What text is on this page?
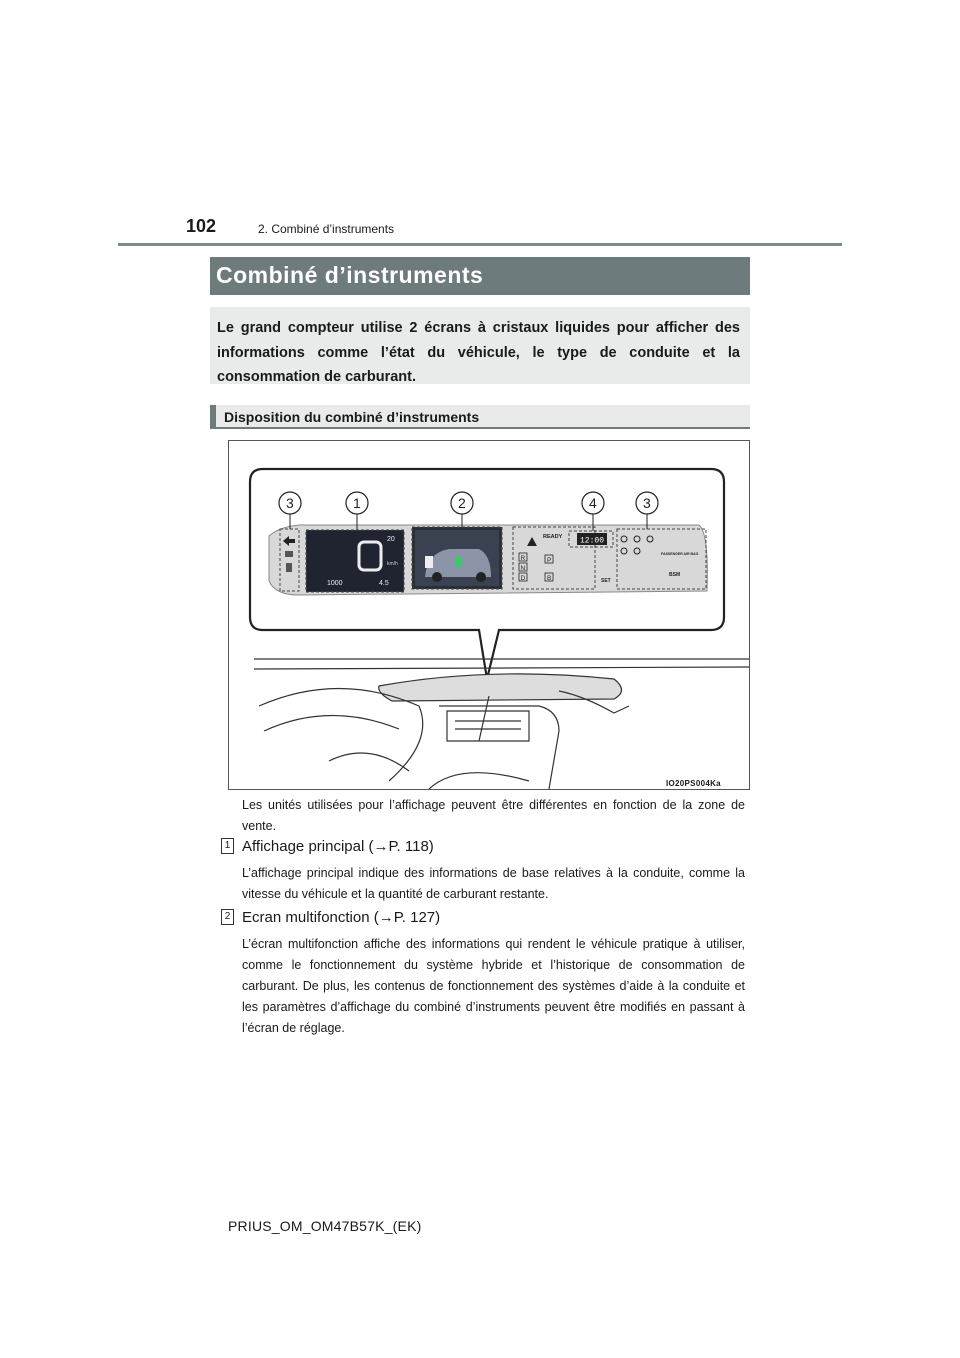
102	2. Combiné d’instruments
Combiné d’instruments
Le grand compteur utilise 2 écrans à cristaux liquides pour afficher des informations comme l’état du véhicule, le type de conduite et la consommation de carburant.
Disposition du combiné d’instruments
20
km/h
1000	4.5
12:00
READY
R
N
D
P
B
PASSENGER AIR BAG
BSM
SET
3	1	2	4	3
IO20PS004Ka
Les unités utilisées pour l’affichage peuvent être différentes en fonction de la zone de vente.
1 Affichage principal (→P. 118)
L’affichage principal indique des informations de base relatives à la conduite, comme la vitesse du véhicule et la quantité de carburant restante.
2 Ecran multifonction (→P. 127)
L’écran multifonction affiche des informations qui rendent le véhicule pratique à utiliser, comme le fonctionnement du système hybride et l’historique de consommation de carburant. De plus, les contenus de fonctionnement des systèmes d’aide à la conduite et les paramètres d’affichage du combiné d’instruments peuvent être modifiés en passant à l’écran de réglage.
PRIUS_OM_OM47B57K_(EK)
